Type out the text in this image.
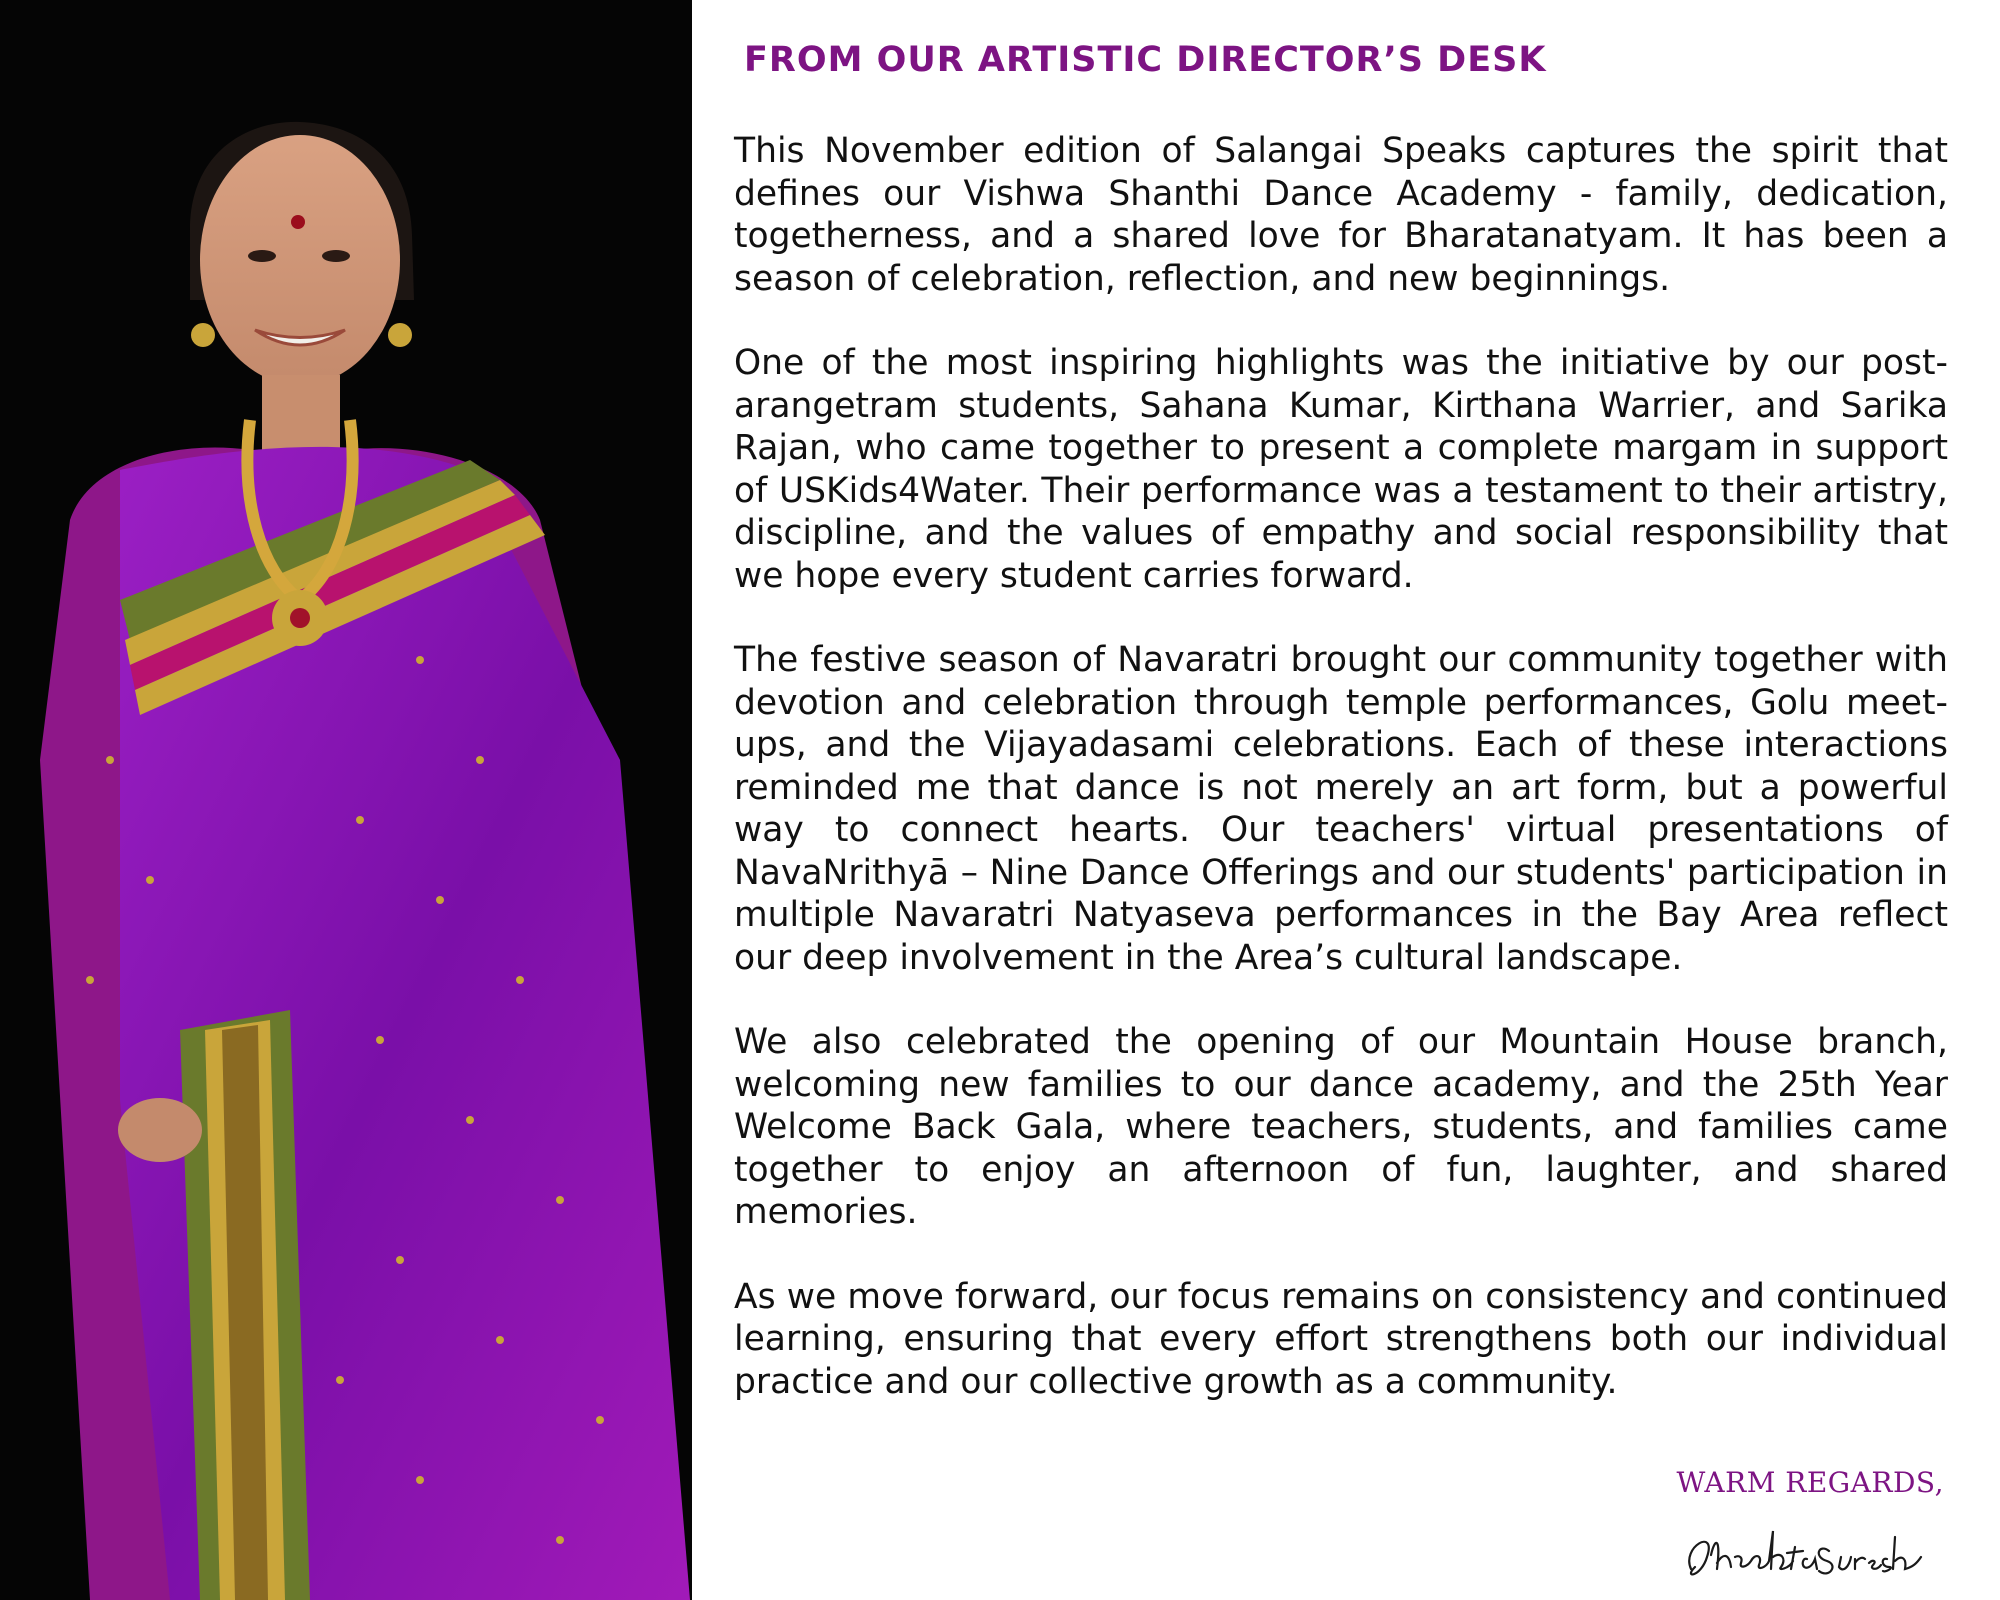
FROM OUR ARTISTIC DIRECTOR’S DESK

This November edition of Salangai Speaks captures the spirit that defines our Vishwa Shanthi Dance Academy - family, dedication, togetherness, and a shared love for Bharatanatyam. It has been a season of celebration, reflection, and new beginnings.

One of the most inspiring highlights was the initiative by our post-arangetram students, Sahana Kumar, Kirthana Warrier, and Sarika Rajan, who came together to present a complete margam in support of USKids4Water. Their performance was a testament to their artistry, discipline, and the values of empathy and social responsibility that we hope every student carries forward.

The festive season of Navaratri brought our community together with devotion and celebration through temple performances, Golu meet-ups, and the Vijayadasami celebrations. Each of these interactions reminded me that dance is not merely an art form, but a powerful way to connect hearts. Our teachers' virtual presentations of NavaNrithyā – Nine Dance Offerings and our students' participation in multiple Navaratri Natyaseva performances in the Bay Area reflect our deep involvement in the Area’s cultural landscape.

We also celebrated the opening of our Mountain House branch, welcoming new families to our dance academy, and the 25th Year Welcome Back Gala, where teachers, students, and families came together to enjoy an afternoon of fun, laughter, and shared memories.

As we move forward, our focus remains on consistency and continued learning, ensuring that every effort strengthens both our individual practice and our collective growth as a community.

WARM REGARDS,
